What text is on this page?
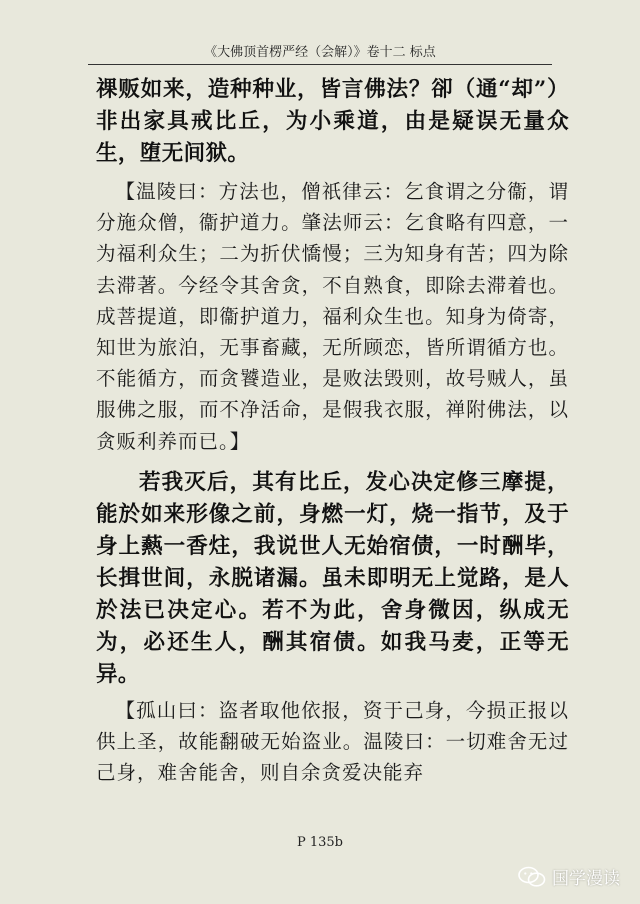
《大佛顶首楞严经（会解）》卷十二 标点

祼贩如来，造种种业，皆言佛法？卻（通“却”）非出家具戒比丘，为小乘道，由是疑误无量众生，堕无间狱。

【温陵曰：方法也，僧祇律云：乞食谓之分衞，谓分施众僧，衞护道力。肇法师云：乞食略有四意，一为福利众生；二为折伏憍慢；三为知身有苦；四为除去滞著。今经令其舍贪，不自熟食，即除去滞着也。成菩提道，即衞护道力，福利众生也。知身为倚寄，知世为旅泊，无事畜藏，无所顾恋，皆所谓循方也。不能循方，而贪饕造业，是败法毁则，故号贼人，虽服佛之服，而不净活命，是假我衣服，禅附佛法，以贪贩利养而已。】

若我灭后，其有比丘，发心决定修三摩提，能於如来形像之前，身燃一灯，烧一指节，及于身上爇一香炷，我说世人无始宿债，一时酬毕，长揖世间，永脱诸漏。虽未即明无上觉路，是人於法已决定心。若不为此，舍身微因，纵成无为，必还生人，酬其宿债。如我马麦，正等无异。

【孤山曰：盗者取他依报，资于己身，今损正报以供上圣，故能翻破无始盗业。温陵曰：一切难舍无过己身，难舍能舍，则自余贪爱决能弃

P 135b
国学漫读
